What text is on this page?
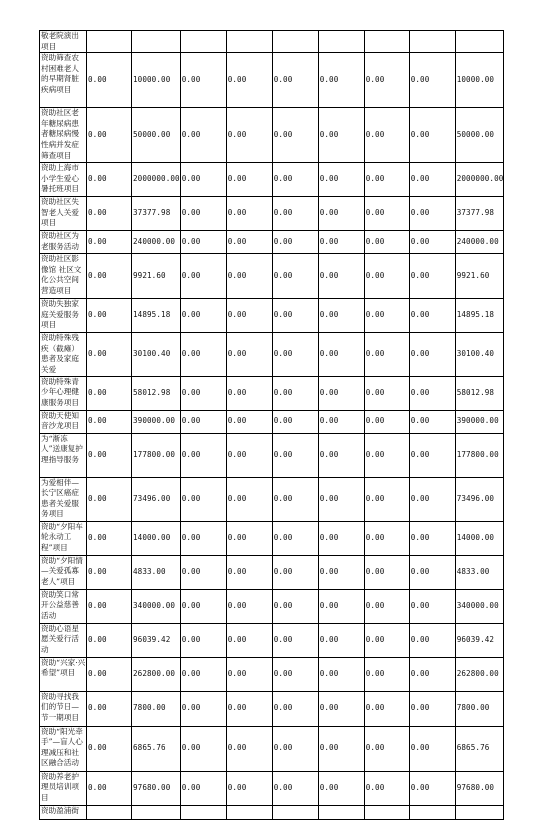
敬老院演出项目									
资助筛查农村困难老人的早期肾脏疾病项目	0.00	10000.00	0.00	0.00	0.00	0.00	0.00	0.00	10000.00
资助社区老年糖尿病患者糖尿病慢性病并发症筛查项目	0.00	50000.00	0.00	0.00	0.00	0.00	0.00	0.00	50000.00
资助上海市小学生爱心暑托班项目	0.00	2000000.00	0.00	0.00	0.00	0.00	0.00	0.00	2000000.00
资助社区失智老人关爱项目	0.00	37377.98	0.00	0.00	0.00	0.00	0.00	0.00	37377.98
资助社区为老服务活动	0.00	240000.00	0.00	0.00	0.00	0.00	0.00	0.00	240000.00
资助社区影像馆 社区文化公共空间营造项目	0.00	9921.60	0.00	0.00	0.00	0.00	0.00	0.00	9921.60
资助失独家庭关爱服务项目	0.00	14895.18	0.00	0.00	0.00	0.00	0.00	0.00	14895.18
资助特殊残疾（截瘫）患者及家庭关爱	0.00	30100.40	0.00	0.00	0.00	0.00	0.00	0.00	30100.40
资助特殊青少年心理健康服务项目	0.00	58012.98	0.00	0.00	0.00	0.00	0.00	0.00	58012.98
资助天使知音沙龙项目	0.00	390000.00	0.00	0.00	0.00	0.00	0.00	0.00	390000.00
为“渐冻人”送康复护理指导服务	0.00	177800.00	0.00	0.00	0.00	0.00	0.00	0.00	177800.00
为爱相伴—长宁区癌症患者关爱服务项目	0.00	73496.00	0.00	0.00	0.00	0.00	0.00	0.00	73496.00
资助“夕阳车轮永动工程”项目	0.00	14000.00	0.00	0.00	0.00	0.00	0.00	0.00	14000.00
资助“夕阳情—关爱孤寡老人”项目	0.00	4833.00	0.00	0.00	0.00	0.00	0.00	0.00	4833.00
资助笑口常开公益慈善活动	0.00	340000.00	0.00	0.00	0.00	0.00	0.00	0.00	340000.00
资助心语星愿关爱行活动	0.00	96039.42	0.00	0.00	0.00	0.00	0.00	0.00	96039.42
资助“兴家·兴希望”项目	0.00	262800.00	0.00	0.00	0.00	0.00	0.00	0.00	262800.00
资助寻找我们的节日—节一期项目	0.00	7800.00	0.00	0.00	0.00	0.00	0.00	0.00	7800.00
资助“阳光牵手”—盲人心理减压和社区融合活动	0.00	6865.76	0.00	0.00	0.00	0.00	0.00	0.00	6865.76
资助养老护理员培训项目	0.00	97680.00	0.00	0.00	0.00	0.00	0.00	0.00	97680.00
资助盈浦街									
